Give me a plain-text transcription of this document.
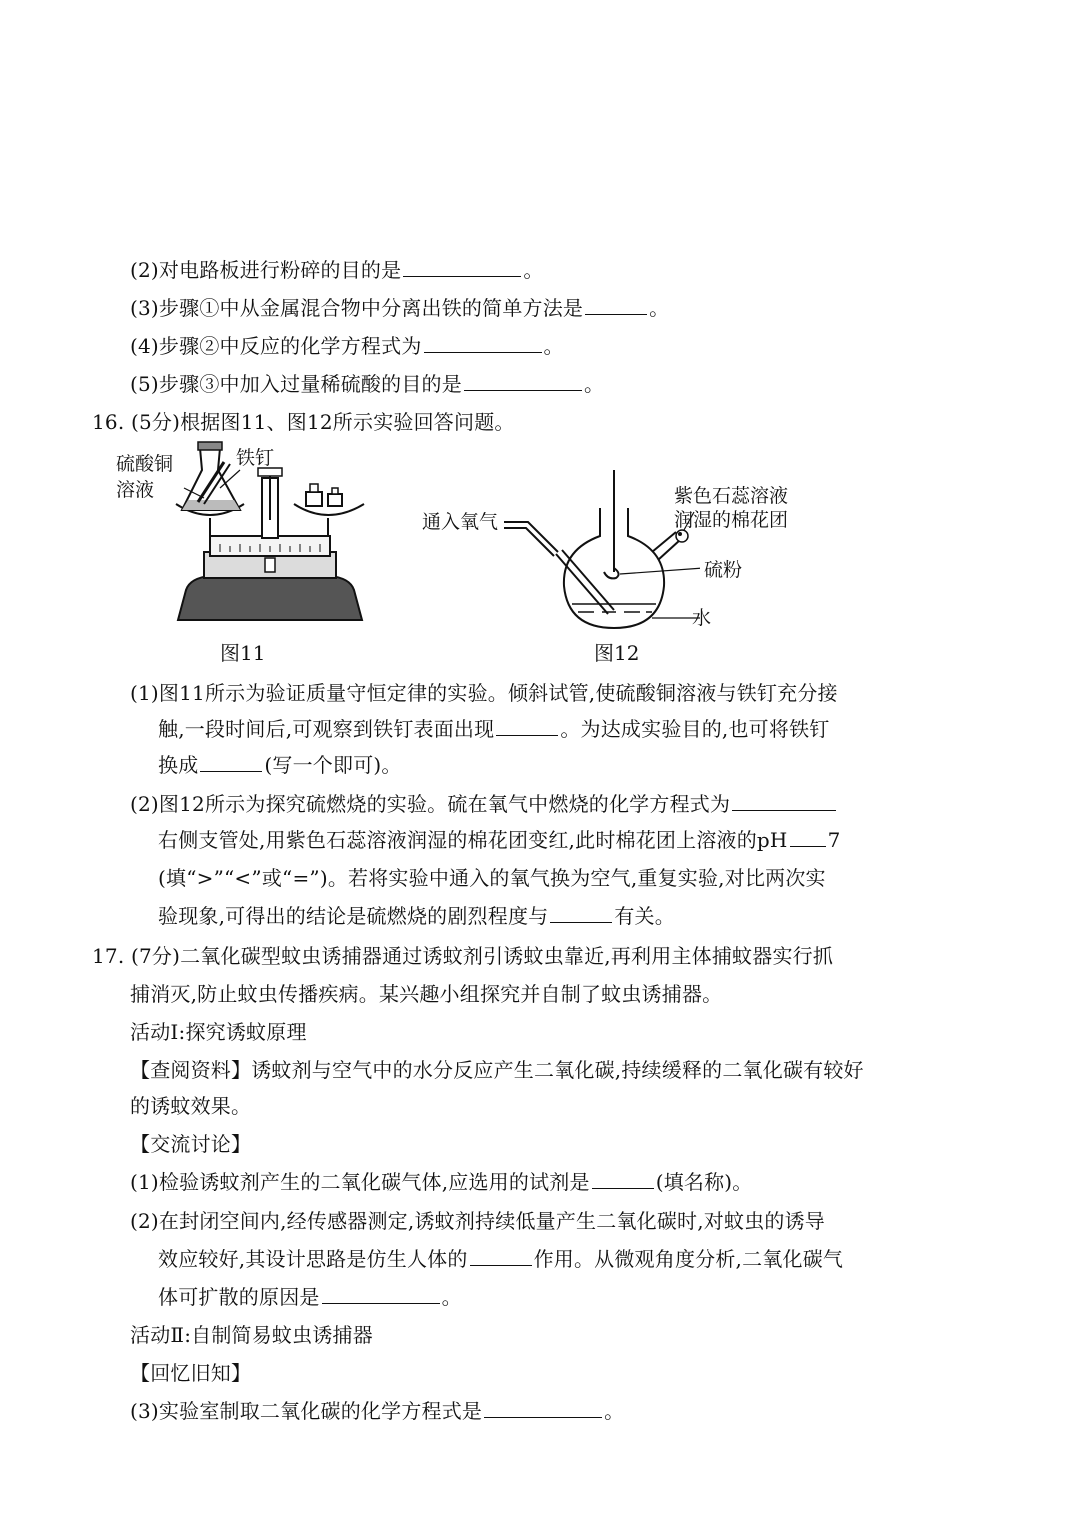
(2)对电路板进行粉碎的目的是	。
(3)步骤①中从金属混合物中分离出铁的简单方法是	。
(4)步骤②中反应的化学方程式为	。
(5)步骤③中加入过量稀硫酸的目的是	。
16. (5分)根据图11、图12所示实验回答问题。
硫酸铜
溶液
铁钉
图11
通入氧气
紫色石蕊溶液
润湿的棉花团
硫粉
水
图12
(1)图11所示为验证质量守恒定律的实验。倾斜试管,使硫酸铜溶液与铁钉充分接
触,一段时间后,可观察到铁钉表面出现	。为达成实验目的,也可将铁钉
换成	(写一个即可)。
(2)图12所示为探究硫燃烧的实验。硫在氧气中燃烧的化学方程式为
右侧支管处,用紫色石蕊溶液润湿的棉花团变红,此时棉花团上溶液的pH 7
(填“>”“<”或“=”)。若将实验中通入的氧气换为空气,重复实验,对比两次实
验现象,可得出的结论是硫燃烧的剧烈程度与	有关。
17. (7分)二氧化碳型蚊虫诱捕器通过诱蚊剂引诱蚊虫靠近,再利用主体捕蚊器实行抓
捕消灭,防止蚊虫传播疾病。某兴趣小组探究并自制了蚊虫诱捕器。
活动Ⅰ:探究诱蚊原理
【查阅资料】诱蚊剂与空气中的水分反应产生二氧化碳,持续缓释的二氧化碳有较好
的诱蚊效果。
【交流讨论】
(1)检验诱蚊剂产生的二氧化碳气体,应选用的试剂是	(填名称)。
(2)在封闭空间内,经传感器测定,诱蚊剂持续低量产生二氧化碳时,对蚊虫的诱导
效应较好,其设计思路是仿生人体的	作用。从微观角度分析,二氧化碳气
体可扩散的原因是	。
活动Ⅱ:自制简易蚊虫诱捕器
【回忆旧知】
(3)实验室制取二氧化碳的化学方程式是	。
